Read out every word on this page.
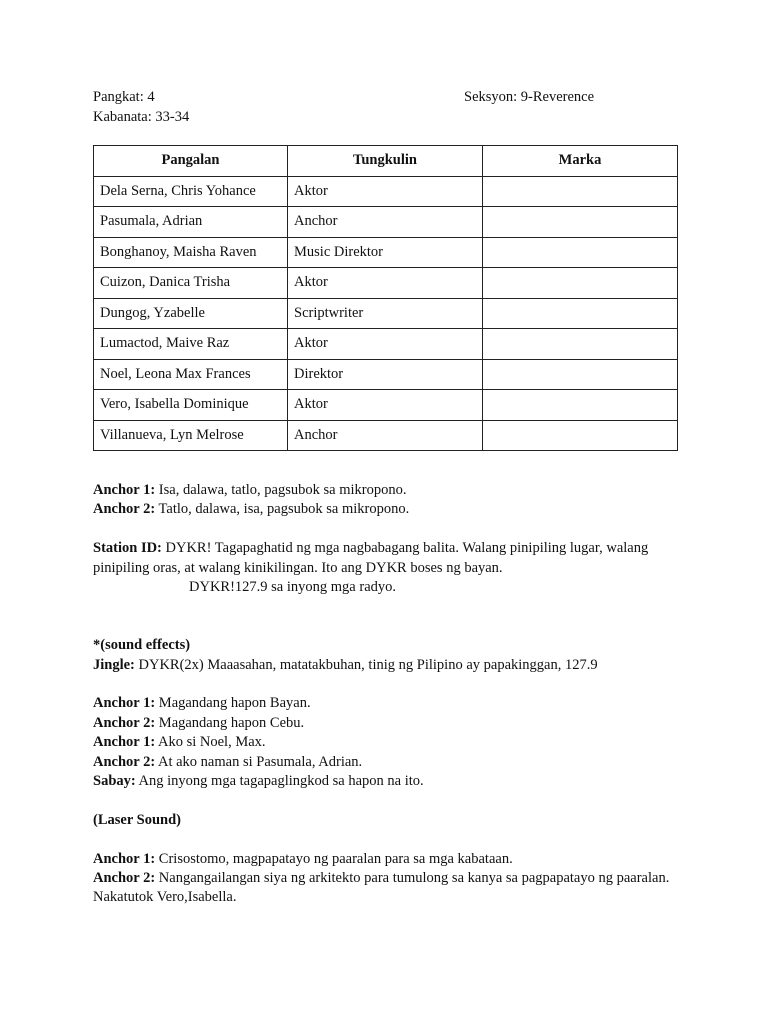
Pangkat: 4
Kabanata: 33-34
Seksyon: 9-Reverence
Pangalan	Tungkulin	Marka
Dela Serna, Chris Yohance	Aktor	
Pasumala, Adrian	Anchor	
Bonghanoy, Maisha Raven	Music Direktor	
Cuizon, Danica Trisha	Aktor	
Dungog, Yzabelle	Scriptwriter	
Lumactod, Maive Raz	Aktor	
Noel, Leona Max Frances	Direktor	
Vero, Isabella Dominique	Aktor	
Villanueva, Lyn Melrose	Anchor	

Anchor 1: Isa, dalawa, tatlo, pagsubok sa mikropono.

Anchor 2: Tatlo, dalawa, isa, pagsubok sa mikropono.

Station ID: DYKR! Tagapaghatid ng mga nagbabagang balita. Walang pinipiling lugar, walang pinipiling oras, at walang kinikilingan. Ito ang DYKR boses ng bayan.

DYKR!127.9 sa inyong mga radyo.

*(sound effects)

Jingle: DYKR(2x) Maaasahan, matatakbuhan, tinig ng Pilipino ay papakinggan, 127.9

Anchor 1: Magandang hapon Bayan.

Anchor 2: Magandang hapon Cebu.

Anchor 1: Ako si Noel, Max.

Anchor 2: At ako naman si Pasumala, Adrian.

Sabay: Ang inyong mga tagapaglingkod sa hapon na ito.

(Laser Sound)

Anchor 1: Crisostomo, magpapatayo ng paaralan para sa mga kabataan.

Anchor 2: Nangangailangan siya ng arkitekto para tumulong sa kanya sa pagpapatayo ng paaralan. Nakatutok Vero,Isabella.
